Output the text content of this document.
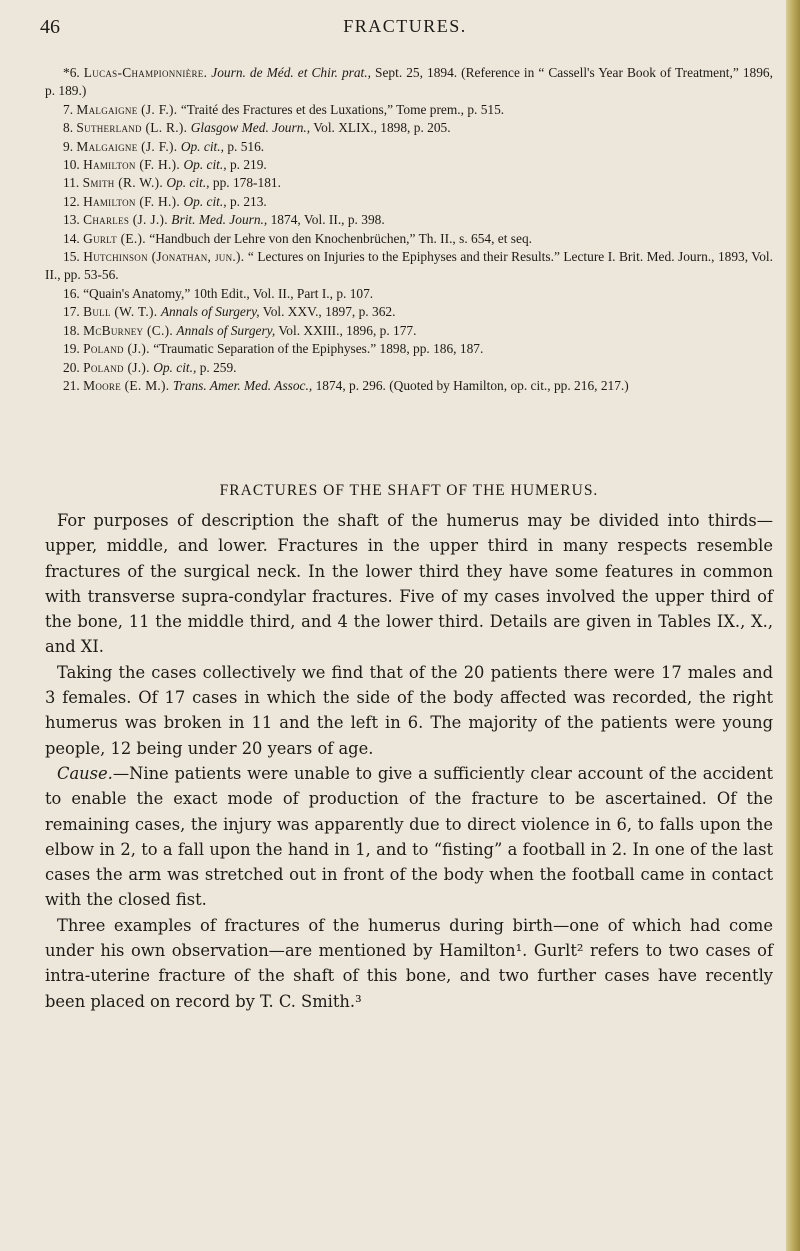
46	FRACTURES.

*6. Lucas-Championnière. Journ. de Méd. et Chir. prat., Sept. 25, 1894. (Reference in “ Cassell's Year Book of Treatment,” 1896, p. 189.)

7. Malgaigne (J. F.). “Traité des Fractures et des Luxations,” Tome prem., p. 515.

8. Sutherland (L. R.). Glasgow Med. Journ., Vol. XLIX., 1898, p. 205.

9. Malgaigne (J. F.). Op. cit., p. 516.

10. Hamilton (F. H.). Op. cit., p. 219.

11. Smith (R. W.). Op. cit., pp. 178-181.

12. Hamilton (F. H.). Op. cit., p. 213.

13. Charles (J. J.). Brit. Med. Journ., 1874, Vol. II., p. 398.

14. Gurlt (E.). “Handbuch der Lehre von den Knochenbrüchen,” Th. II., s. 654, et seq.

15. Hutchinson (Jonathan, jun.). “ Lectures on Injuries to the Epiphyses and their Results.” Lecture I. Brit. Med. Journ., 1893, Vol. II., pp. 53-56.

16. “Quain's Anatomy,” 10th Edit., Vol. II., Part I., p. 107.

17. Bull (W. T.). Annals of Surgery, Vol. XXV., 1897, p. 362.

18. McBurney (C.). Annals of Surgery, Vol. XXIII., 1896, p. 177.

19. Poland (J.). “Traumatic Separation of the Epiphyses.” 1898, pp. 186, 187.

20. Poland (J.). Op. cit., p. 259.

21. Moore (E. M.). Trans. Amer. Med. Assoc., 1874, p. 296. (Quoted by Hamilton, op. cit., pp. 216, 217.)

FRACTURES OF THE SHAFT OF THE HUMERUS.

For purposes of description the shaft of the humerus may be divided into thirds—upper, middle, and lower. Fractures in the upper third in many respects resemble fractures of the surgical neck. In the lower third they have some features in common with transverse supra-condylar fractures. Five of my cases involved the upper third of the bone, 11 the middle third, and 4 the lower third. Details are given in Tables IX., X., and XI.

Taking the cases collectively we find that of the 20 patients there were 17 males and 3 females. Of 17 cases in which the side of the body affected was recorded, the right humerus was broken in 11 and the left in 6. The majority of the patients were young people, 12 being under 20 years of age.

Cause.—Nine patients were unable to give a sufficiently clear account of the accident to enable the exact mode of production of the fracture to be ascertained. Of the remaining cases, the injury was apparently due to direct violence in 6, to falls upon the elbow in 2, to a fall upon the hand in 1, and to “fisting” a football in 2. In one of the last cases the arm was stretched out in front of the body when the football came in contact with the closed fist.

Three examples of fractures of the humerus during birth—one of which had come under his own observation—are mentioned by Hamilton¹. Gurlt² refers to two cases of intra-uterine fracture of the shaft of this bone, and two further cases have recently been placed on record by T. C. Smith.³
